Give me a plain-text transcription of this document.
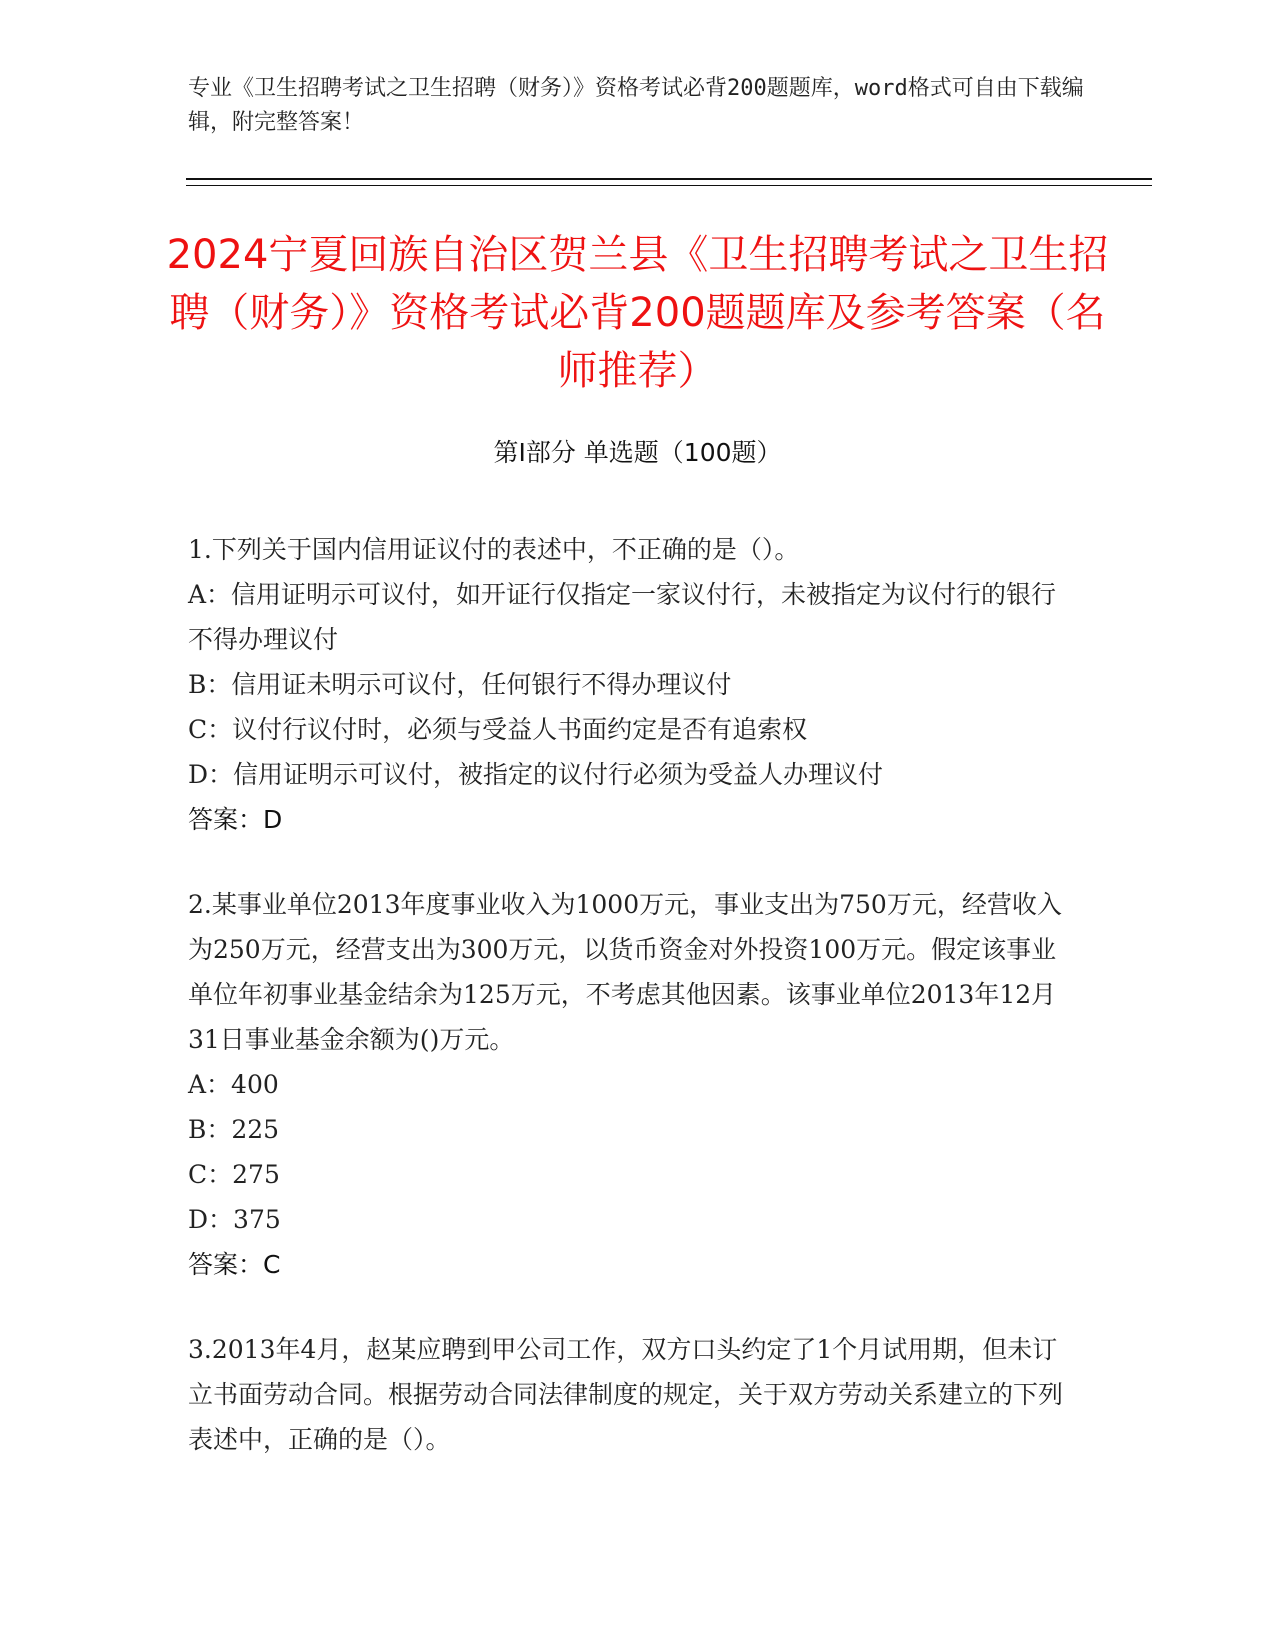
专业《卫生招聘考试之卫生招聘（财务）》资格考试必背200题题库，word格式可自由下载编辑，附完整答案！
2024宁夏回族自治区贺兰县《卫生招聘考试之卫生招聘（财务）》资格考试必背200题题库及参考答案（名师推荐）
第I部分 单选题（100题）
1.下列关于国内信用证议付的表述中，不正确的是（）。
A：信用证明示可议付，如开证行仅指定一家议付行，未被指定为议付行的银行不得办理议付
B：信用证未明示可议付，任何银行不得办理议付
C：议付行议付时，必须与受益人书面约定是否有追索权
D：信用证明示可议付，被指定的议付行必须为受益人办理议付
答案：D
2.某事业单位2013年度事业收入为1000万元，事业支出为750万元，经营收入为250万元，经营支出为300万元，以货币资金对外投资100万元。假定该事业单位年初事业基金结余为125万元，不考虑其他因素。该事业单位2013年12月31日事业基金余额为()万元。
A：400
B：225
C：275
D：375
答案：C
3.2013年4月，赵某应聘到甲公司工作，双方口头约定了1个月试用期，但未订立书面劳动合同。根据劳动合同法律制度的规定，关于双方劳动关系建立的下列表述中，正确的是（）。
